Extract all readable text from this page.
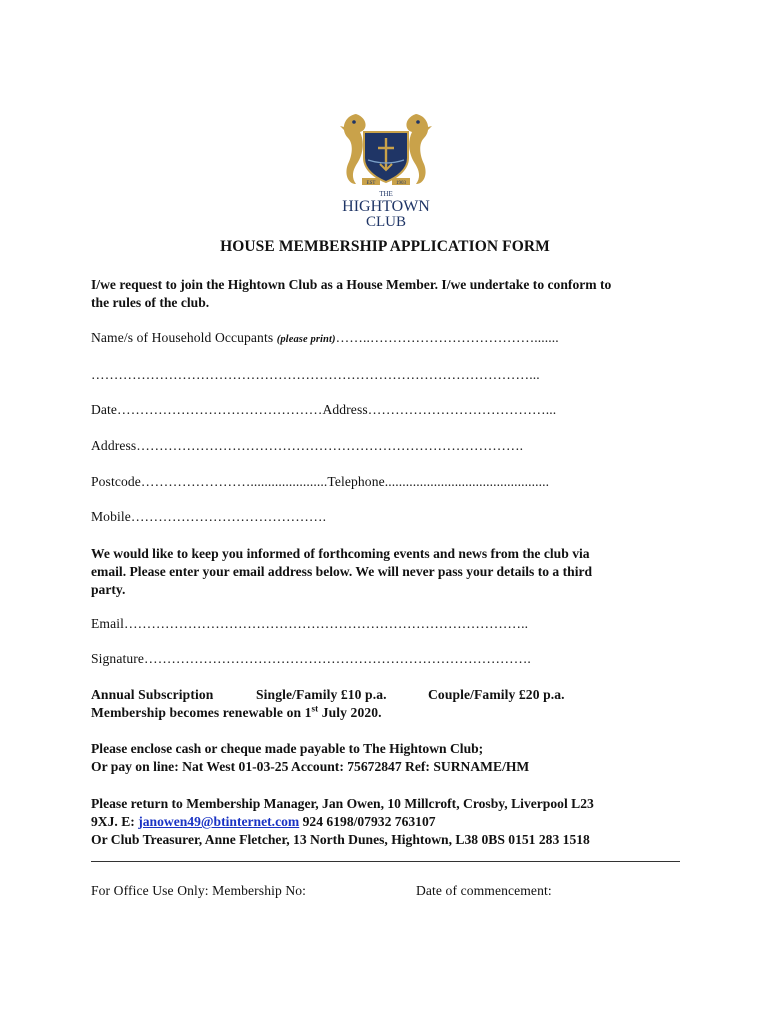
EST	1903
THE
HIGHTOWN
CLUB
HOUSE MEMBERSHIP APPLICATION FORM
I/we request to join the Hightown Club as a House Member. I/we undertake to conform to
the rules of the club.
Name/s of Household Occupants (please print)……..……………………………….......
……………………………………………………………………………………...
Date………………………………………Address…………………………………...
Address………………………………………………………………………….
Postcode……………………......................Telephone...............................................
Mobile…………………………………….
We would like to keep you informed of forthcoming events and news from the club via
email. Please enter your email address below. We will never pass your details to a third
party.
Email……………………………………………………………………………..
Signature………………………………………………………………………….
Annual Subscription	Single/Family £10 p.a.	Couple/Family £20 p.a.
Membership becomes renewable on 1st July 2020.
Please enclose cash or cheque made payable to The Hightown Club;
Or pay on line: Nat West 01-03-25 Account: 75672847 Ref: SURNAME/HM
Please return to Membership Manager, Jan Owen, 10 Millcroft, Crosby, Liverpool L23
9XJ. E: janowen49@btinternet.com 924 6198/07932 763107
Or Club Treasurer, Anne Fletcher, 13 North Dunes, Hightown, L38 0BS 0151 283 1518
For Office Use Only: Membership No:	Date of commencement:
